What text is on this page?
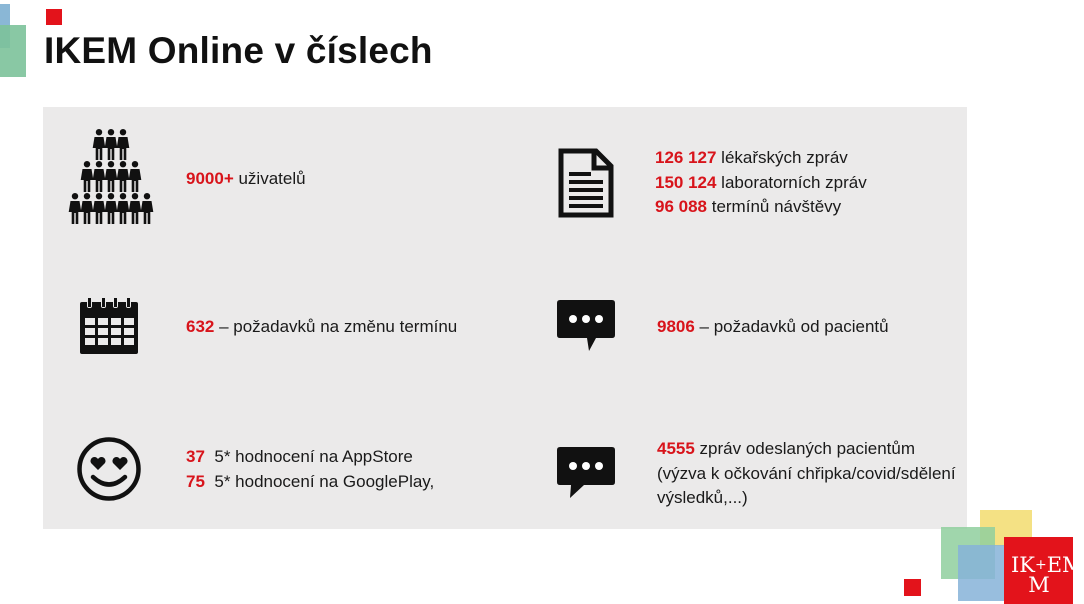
IKEM Online v číslech
9000+ uživatelů
126 127 lékařských zpráv
150 124 laboratorních zpráv
96 088 termínů návštěvy
632 – požadavků na změnu termínu	9806 – požadavků od pacientů
37  5* hodnocení na AppStore
75  5* hodnocení na GooglePlay,
4555 zpráv odeslaných pacientům
(výzva k očkování chřipka/covid/sdělení
výsledků,...)
IK+EM
M
